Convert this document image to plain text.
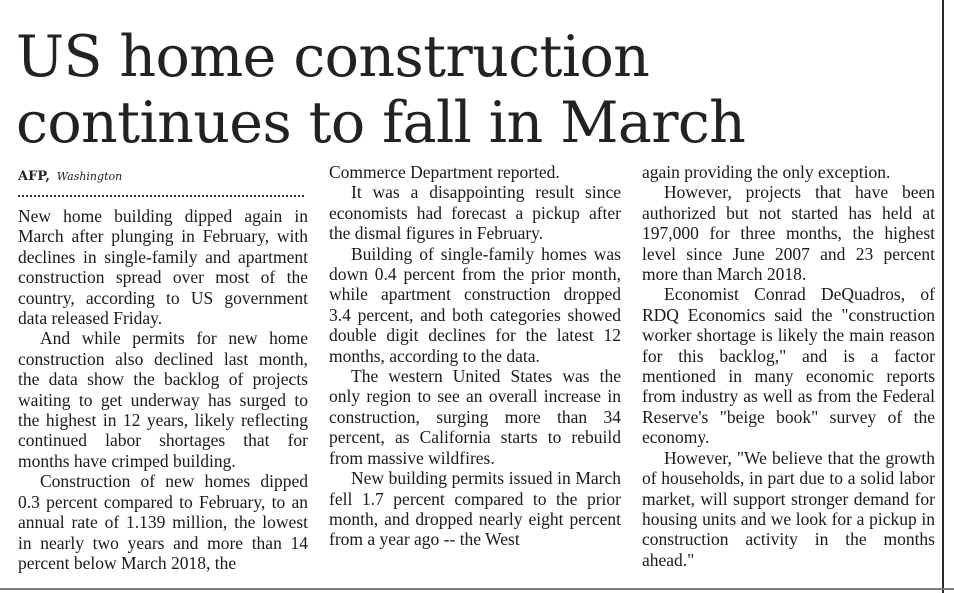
US home construction continues to fall in March
AFP, Washington

New home building dipped again in March after plunging in February, with declines in single-family and apartment construction spread over most of the country, according to US government data released Friday.

And while permits for new home construction also declined last month, the data show the backlog of projects waiting to get underway has surged to the highest in 12 years, likely reflecting continued labor shortages that for months have crimped building.

Construction of new homes dipped 0.3 percent compared to February, to an annual rate of 1.139 million, the lowest in nearly two years and more than 14 percent below March 2018, the

Commerce Department reported.

It was a disappointing result since economists had forecast a pickup after the dismal figures in February.

Building of single-family homes was down 0.4 percent from the prior month, while apartment construction dropped 3.4 percent, and both categories showed double digit declines for the latest 12 months, according to the data.

The western United States was the only region to see an overall increase in construction, surging more than 34 percent, as California starts to rebuild from massive wildfires.

New building permits issued in March fell 1.7 percent compared to the prior month, and dropped nearly eight percent from a year ago -- the West

again providing the only exception.

However, projects that have been authorized but not started has held at 197,000 for three months, the highest level since June 2007 and 23 percent more than March 2018.

Economist Conrad DeQuadros, of RDQ Economics said the "construction worker shortage is likely the main reason for this backlog," and is a factor mentioned in many economic reports from industry as well as from the Federal Reserve's "beige book" survey of the economy.

However, "We believe that the growth of households, in part due to a solid labor market, will support stronger demand for housing units and we look for a pickup in construction activity in the months ahead."
